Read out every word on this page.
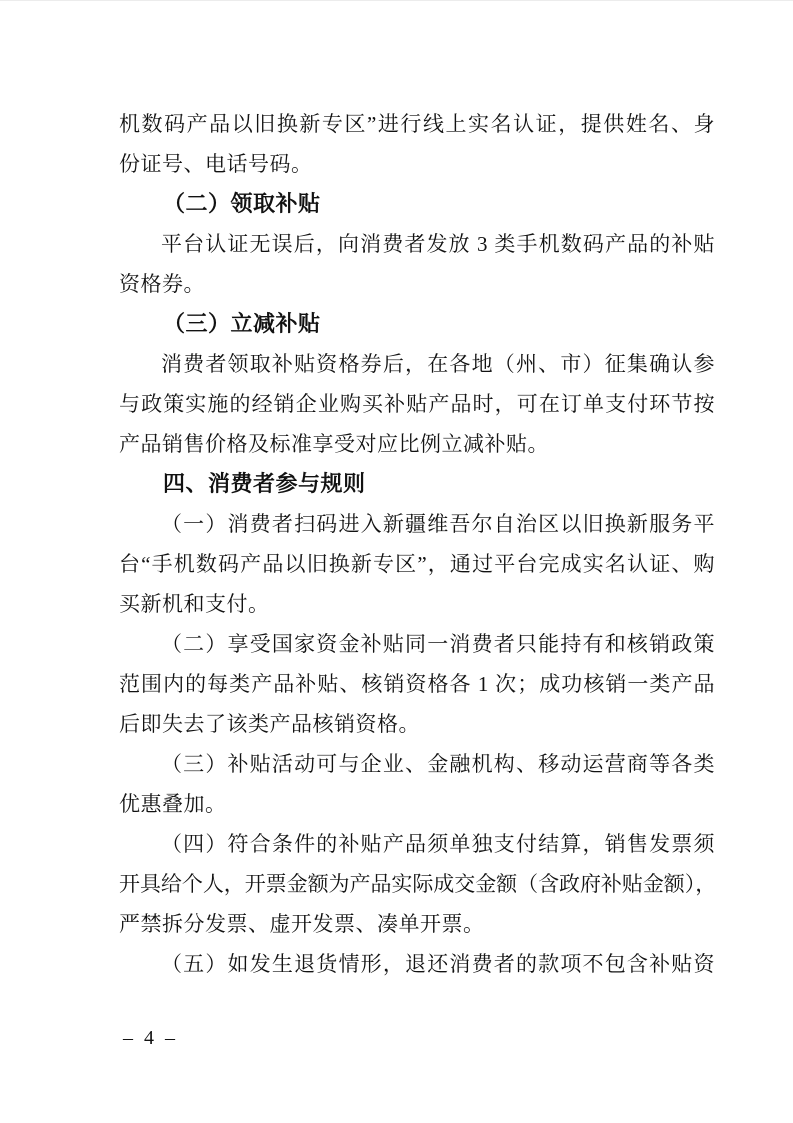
机数码产品以旧换新专区”进行线上实名认证，提供姓名、身
份证号、电话号码。
（二）领取补贴
平台认证无误后，向消费者发放 3 类手机数码产品的补贴
资格券。
（三）立减补贴
消费者领取补贴资格券后，在各地（州、市）征集确认参
与政策实施的经销企业购买补贴产品时，可在订单支付环节按
产品销售价格及标准享受对应比例立减补贴。
四、消费者参与规则
（一）消费者扫码进入新疆维吾尔自治区以旧换新服务平
台“手机数码产品以旧换新专区”，通过平台完成实名认证、购
买新机和支付。
（二）享受国家资金补贴同一消费者只能持有和核销政策
范围内的每类产品补贴、核销资格各 1 次；成功核销一类产品
后即失去了该类产品核销资格。
（三）补贴活动可与企业、金融机构、移动运营商等各类
优惠叠加。
（四）符合条件的补贴产品须单独支付结算，销售发票须
开具给个人，开票金额为产品实际成交金额（含政府补贴金额），
严禁拆分发票、虚开发票、凑单开票。
（五）如发生退货情形，退还消费者的款项不包含补贴资
– 4 –
